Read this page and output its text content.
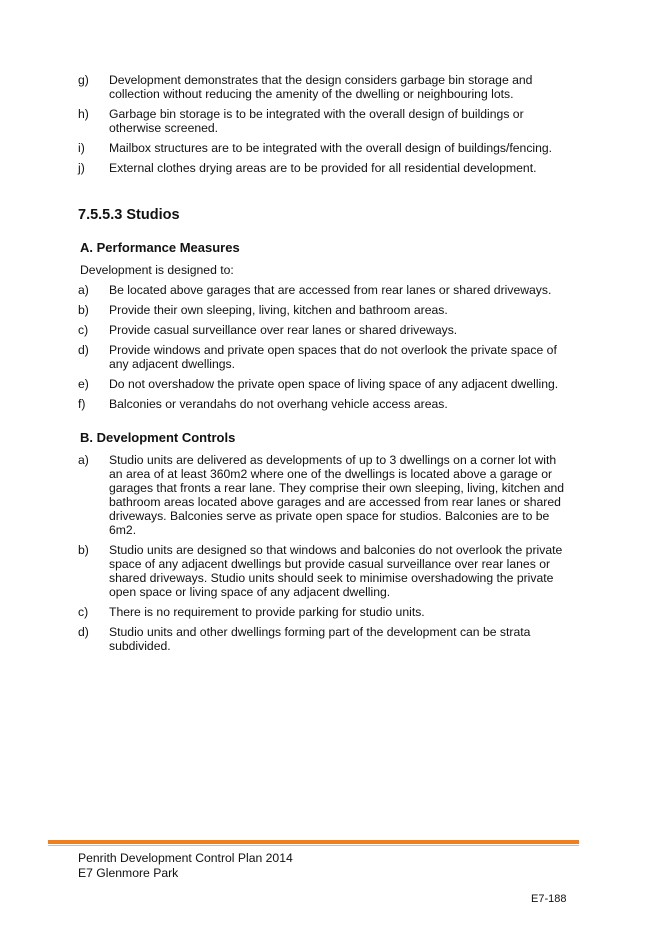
g)	Development demonstrates that the design considers garbage bin storage and collection without reducing the amenity of the dwelling or neighbouring lots.
h)	Garbage bin storage is to be integrated with the overall design of buildings or otherwise screened.
i)	Mailbox structures are to be integrated with the overall design of buildings/fencing.
j)	External clothes drying areas are to be provided for all residential development.
7.5.5.3 Studios
A. Performance Measures
Development is designed to:
a)	Be located above garages that are accessed from rear lanes or shared driveways.
b)	Provide their own sleeping, living, kitchen and bathroom areas.
c)	Provide casual surveillance over rear lanes or shared driveways.
d)	Provide windows and private open spaces that do not overlook the private space of any adjacent dwellings.
e)	Do not overshadow the private open space of living space of any adjacent dwelling.
f)	Balconies or verandahs do not overhang vehicle access areas.
B. Development Controls
a)	Studio units are delivered as developments of up to 3 dwellings on a corner lot with an area of at least 360m2 where one of the dwellings is located above a garage or garages that fronts a rear lane. They comprise their own sleeping, living, kitchen and bathroom areas located above garages and are accessed from rear lanes or shared driveways. Balconies serve as private open space for studios. Balconies are to be 6m2.
b)	Studio units are designed so that windows and balconies do not overlook the private space of any adjacent dwellings but provide casual surveillance over rear lanes or shared driveways. Studio units should seek to minimise overshadowing the private open space or living space of any adjacent dwelling.
c)	There is no requirement to provide parking for studio units.
d)	Studio units and other dwellings forming part of the development can be strata subdivided.
Penrith Development Control Plan 2014
E7 Glenmore Park
E7-188
